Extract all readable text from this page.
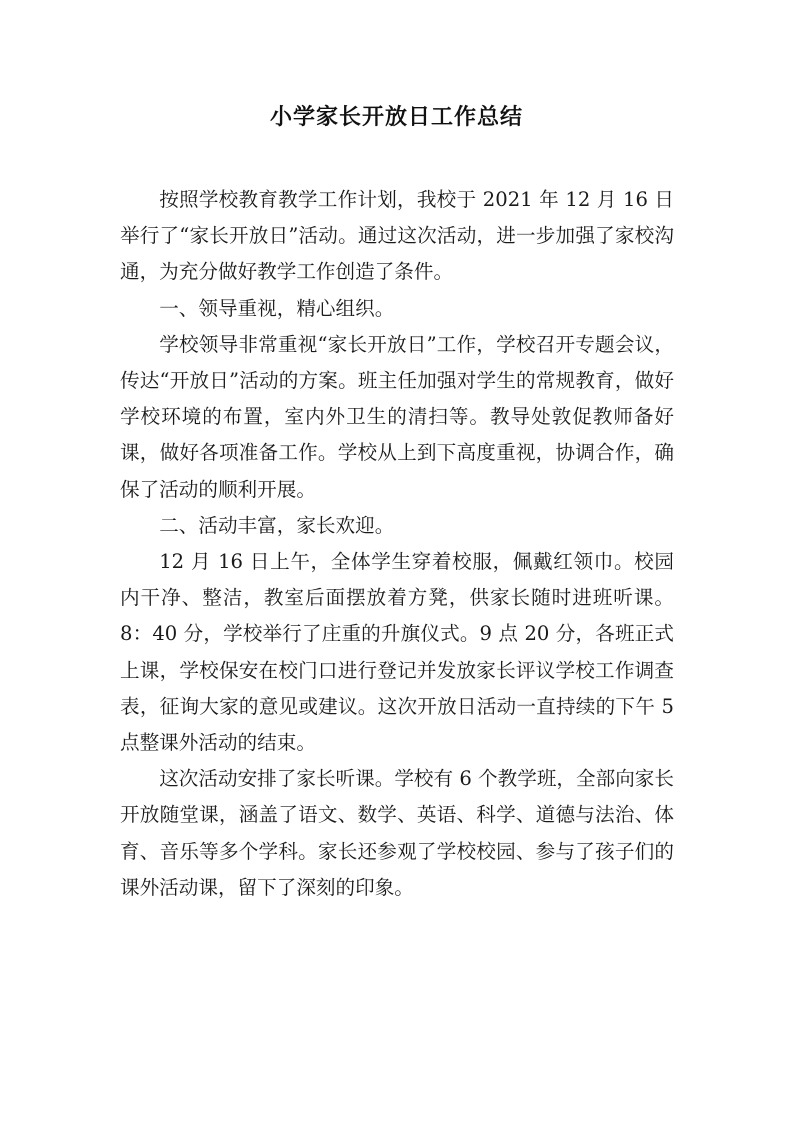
小学家长开放日工作总结

按照学校教育教学工作计划，我校于 2021 年 12 月 16 日举行了“家长开放日”活动。通过这次活动，进一步加强了家校沟通，为充分做好教学工作创造了条件。

一、领导重视，精心组织。

学校领导非常重视“家长开放日”工作，学校召开专题会议，传达“开放日”活动的方案。班主任加强对学生的常规教育，做好学校环境的布置，室内外卫生的清扫等。教导处敦促教师备好课，做好各项准备工作。学校从上到下高度重视，协调合作，确保了活动的顺利开展。

二、活动丰富，家长欢迎。

12 月 16 日上午，全体学生穿着校服，佩戴红领巾。校园内干净、整洁，教室后面摆放着方凳，供家长随时进班听课。8：40 分，学校举行了庄重的升旗仪式。9 点 20 分，各班正式上课，学校保安在校门口进行登记并发放家长评议学校工作调查表，征询大家的意见或建议。这次开放日活动一直持续的下午 5 点整课外活动的结束。

这次活动安排了家长听课。学校有 6 个教学班，全部向家长开放随堂课，涵盖了语文、数学、英语、科学、道德与法治、体育、音乐等多个学科。家长还参观了学校校园、参与了孩子们的课外活动课，留下了深刻的印象。
